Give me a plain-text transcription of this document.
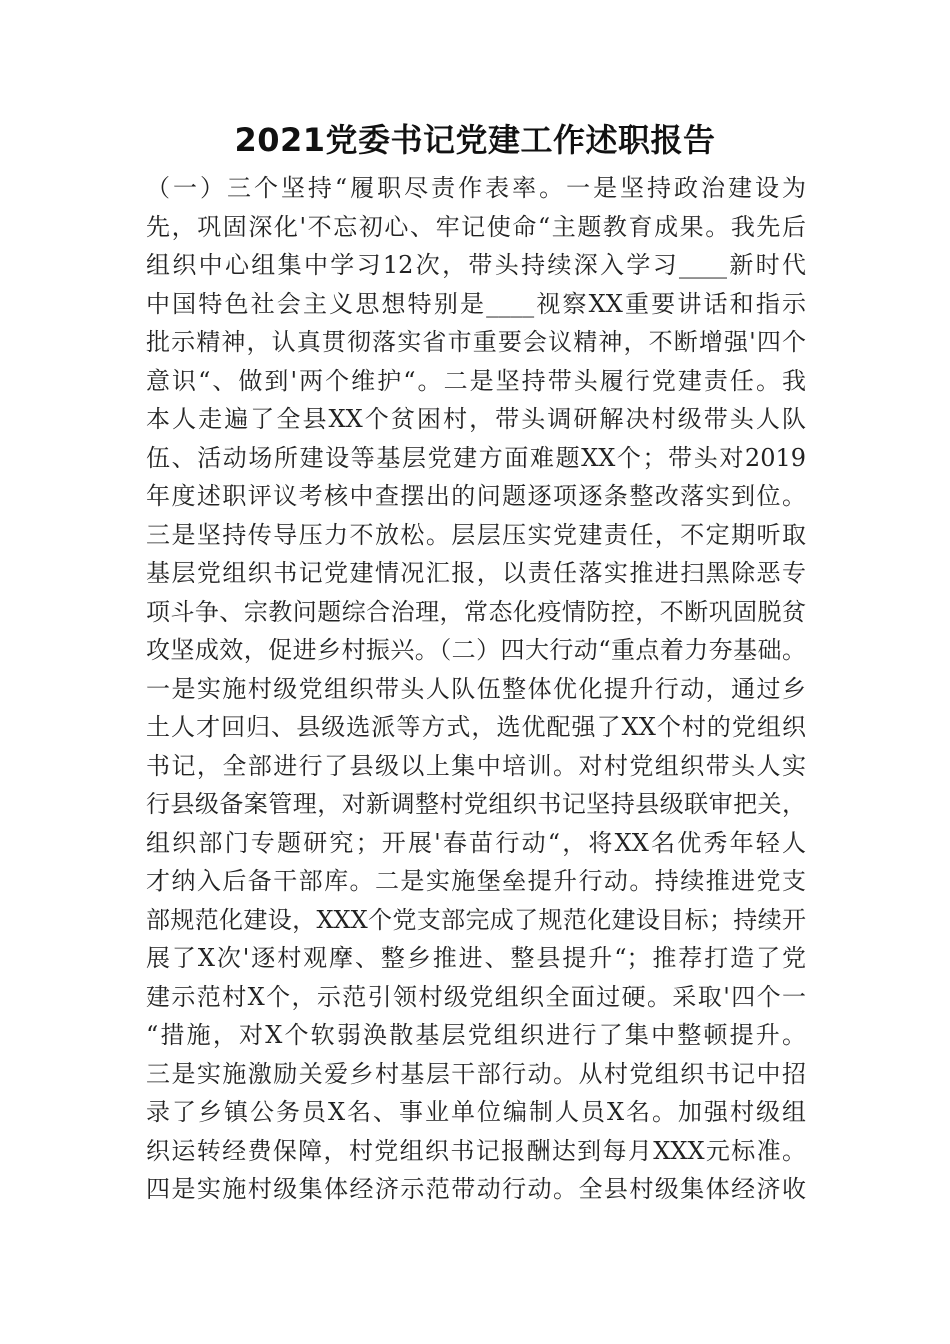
2021党委书记党建工作述职报告
（一）三个坚持“履职尽责作表率。一是坚持政治建设为
先，巩固深化'不忘初心、牢记使命“主题教育成果。我先后
组织中心组集中学习12次，带头持续深入学习____新时代
中国特色社会主义思想特别是____视察XX重要讲话和指示
批示精神，认真贯彻落实省市重要会议精神，不断增强'四个
意识“、做到'两个维护“。二是坚持带头履行党建责任。我
本人走遍了全县XX个贫困村，带头调研解决村级带头人队
伍、活动场所建设等基层党建方面难题XX个；带头对2019
年度述职评议考核中查摆出的问题逐项逐条整改落实到位。
三是坚持传导压力不放松。层层压实党建责任，不定期听取
基层党组织书记党建情况汇报，以责任落实推进扫黑除恶专
项斗争、宗教问题综合治理，常态化疫情防控，不断巩固脱贫
攻坚成效，促进乡村振兴。（二）四大行动“重点着力夯基础。
一是实施村级党组织带头人队伍整体优化提升行动，通过乡
土人才回归、县级选派等方式，选优配强了XX个村的党组织
书记，全部进行了县级以上集中培训。对村党组织带头人实
行县级备案管理，对新调整村党组织书记坚持县级联审把关，
组织部门专题研究；开展'春苗行动“，将XX名优秀年轻人
才纳入后备干部库。二是实施堡垒提升行动。持续推进党支
部规范化建设，XXX个党支部完成了规范化建设目标；持续开
展了X次'逐村观摩、整乡推进、整县提升“；推荐打造了党
建示范村X个，示范引领村级党组织全面过硬。采取'四个一
“措施，对X个软弱涣散基层党组织进行了集中整顿提升。
三是实施激励关爱乡村基层干部行动。从村党组织书记中招
录了乡镇公务员X名、事业单位编制人员X名。加强村级组
织运转经费保障，村党组织书记报酬达到每月XXX元标准。
四是实施村级集体经济示范带动行动。全县村级集体经济收
